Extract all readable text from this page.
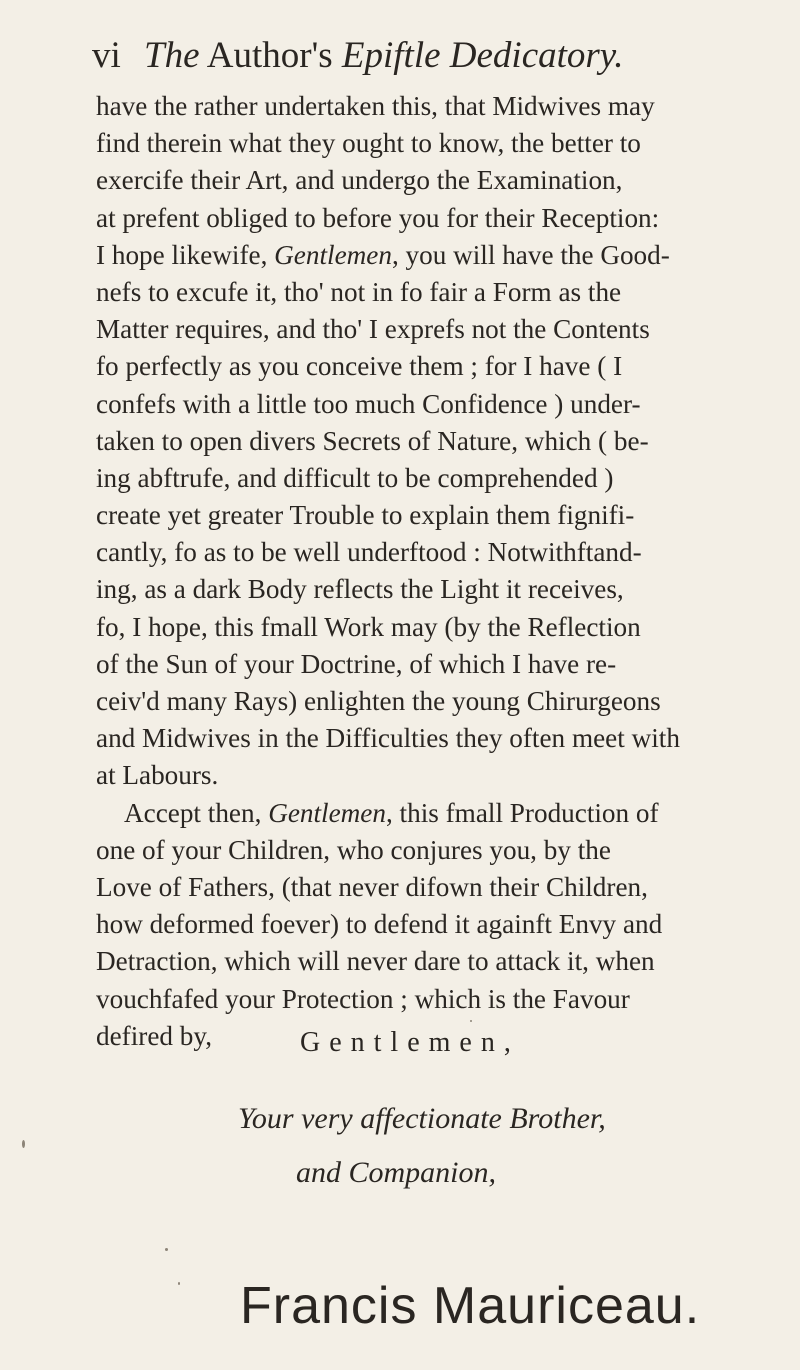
vi The Author's Epiftle Dedicatory.
have the rather undertaken this, that Midwives may
find therein what they ought to know, the better to
exercife their Art, and undergo the Examination,
at prefent obliged to before you for their Reception:
I hope likewife, Gentlemen, you will have the Good-
nefs to excufe it, tho' not in fo fair a Form as the
Matter requires, and tho' I exprefs not the Contents
fo perfectly as you conceive them ; for I have ( I
confefs with a little too much Confidence ) under-
taken to open divers Secrets of Nature, which ( be-
ing abftrufe, and difficult to be comprehended )
create yet greater Trouble to explain them fignifi-
cantly, fo as to be well underftood : Notwithftand-
ing, as a dark Body reflects the Light it receives,
fo, I hope, this fmall Work may (by the Reflection
of the Sun of your Doctrine, of which I have re-
ceiv'd many Rays) enlighten the young Chirurgeons
and Midwives in the Difficulties they often meet with
at Labours.
Accept then, Gentlemen, this fmall Production of
one of your Children, who conjures you, by the
Love of Fathers, (that never difown their Children,
how deformed foever) to defend it againft Envy and
Detraction, which will never dare to attack it, when
vouchfafed your Protection ; which is the Favour
defired by,	Gentlemen,
Your very affectionate Brother,
and Companion,
Francis Mauriceau.
